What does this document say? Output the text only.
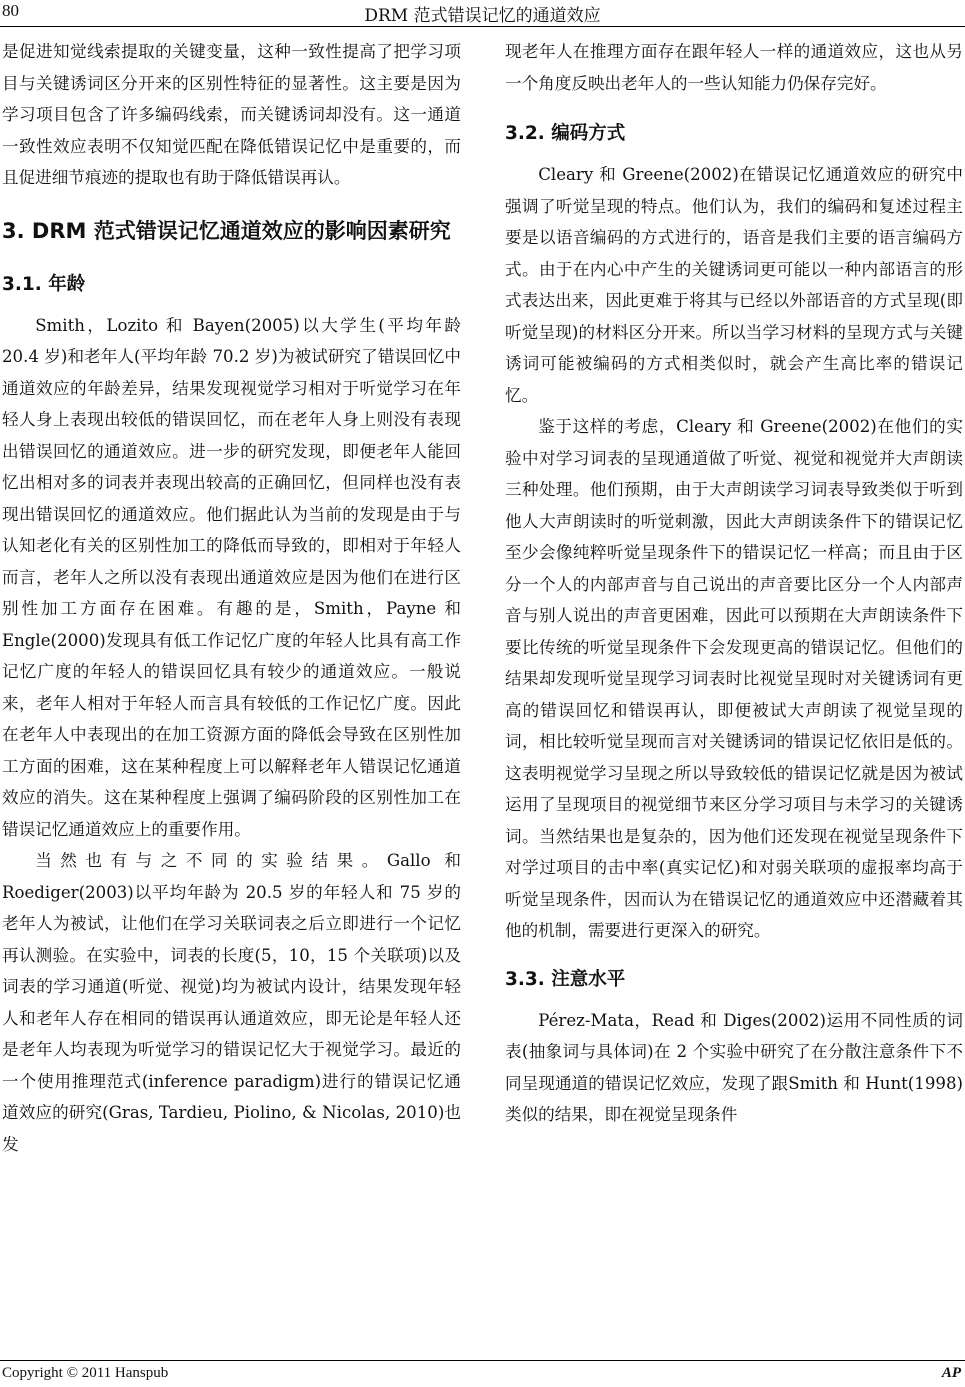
80	DRM 范式错误记忆的通道效应

是促进知觉线索提取的关键变量，这种一致性提高了把学习项目与关键诱词区分开来的区别性特征的显著性。这主要是因为学习项目包含了许多编码线索，而关键诱词却没有。这一通道一致性效应表明不仅知觉匹配在降低错误记忆中是重要的，而且促进细节痕迹的提取也有助于降低错误再认。

3. DRM 范式错误记忆通道效应的影响因素研究
3.1. 年龄

Smith，Lozito 和 Bayen(2005)以大学生(平均年龄20.4 岁)和老年人(平均年龄 70.2 岁)为被试研究了错误回忆中通道效应的年龄差异，结果发现视觉学习相对于听觉学习在年轻人身上表现出较低的错误回忆，而在老年人身上则没有表现出错误回忆的通道效应。进一步的研究发现，即便老年人能回忆出相对多的词表并表现出较高的正确回忆，但同样也没有表现出错误回忆的通道效应。他们据此认为当前的发现是由于与认知老化有关的区别性加工的降低而导致的，即相对于年轻人而言，老年人之所以没有表现出通道效应是因为他们在进行区别性加工方面存在困难。有趣的是，Smith，Payne 和 Engle(2000)发现具有低工作记忆广度的年轻人比具有高工作记忆广度的年轻人的错误回忆具有较少的通道效应。一般说来，老年人相对于年轻人而言具有较低的工作记忆广度。因此在老年人中表现出的在加工资源方面的降低会导致在区别性加工方面的困难，这在某种程度上可以解释老年人错误记忆通道效应的消失。这在某种程度上强调了编码阶段的区别性加工在错误记忆通道效应上的重要作用。

当然也有与之不同的实验结果。Gallo 和 Roediger(2003)以平均年龄为 20.5 岁的年轻人和 75 岁的老年人为被试，让他们在学习关联词表之后立即进行一个记忆再认测验。在实验中，词表的长度(5，10，15 个关联项)以及词表的学习通道(听觉、视觉)均为被试内设计，结果发现年轻人和老年人存在相同的错误再认通道效应，即无论是年轻人还是老年人均表现为听觉学习的错误记忆大于视觉学习。最近的一个使用推理范式(inference paradigm)进行的错误记忆通道效应的研究(Gras, Tardieu, Piolino, & Nicolas, 2010)也发

现老年人在推理方面存在跟年轻人一样的通道效应，这也从另一个角度反映出老年人的一些认知能力仍保存完好。

3.2. 编码方式

Cleary 和 Greene(2002)在错误记忆通道效应的研究中强调了听觉呈现的特点。他们认为，我们的编码和复述过程主要是以语音编码的方式进行的，语音是我们主要的语言编码方式。由于在内心中产生的关键诱词更可能以一种内部语言的形式表达出来，因此更难于将其与已经以外部语音的方式呈现(即听觉呈现)的材料区分开来。所以当学习材料的呈现方式与关键诱词可能被编码的方式相类似时，就会产生高比率的错误记忆。

鉴于这样的考虑，Cleary 和 Greene(2002)在他们的实验中对学习词表的呈现通道做了听觉、视觉和视觉并大声朗读三种处理。他们预期，由于大声朗读学习词表导致类似于听到他人大声朗读时的听觉刺激，因此大声朗读条件下的错误记忆至少会像纯粹听觉呈现条件下的错误记忆一样高；而且由于区分一个人的内部声音与自己说出的声音要比区分一个人内部声音与别人说出的声音更困难，因此可以预期在大声朗读条件下要比传统的听觉呈现条件下会发现更高的错误记忆。但他们的结果却发现听觉呈现学习词表时比视觉呈现时对关键诱词有更高的错误回忆和错误再认，即便被试大声朗读了视觉呈现的词，相比较听觉呈现而言对关键诱词的错误记忆依旧是低的。这表明视觉学习呈现之所以导致较低的错误记忆就是因为被试运用了呈现项目的视觉细节来区分学习项目与未学习的关键诱词。当然结果也是复杂的，因为他们还发现在视觉呈现条件下对学过项目的击中率(真实记忆)和对弱关联项的虚报率均高于听觉呈现条件，因而认为在错误记忆的通道效应中还潜藏着其他的机制，需要进行更深入的研究。

3.3. 注意水平

Pérez-Mata，Read 和 Diges(2002)运用不同性质的词表(抽象词与具体词)在 2 个实验中研究了在分散注意条件下不同呈现通道的错误记忆效应，发现了跟Smith 和 Hunt(1998)类似的结果，即在视觉呈现条件

Copyright © 2011 Hanspub	AP
